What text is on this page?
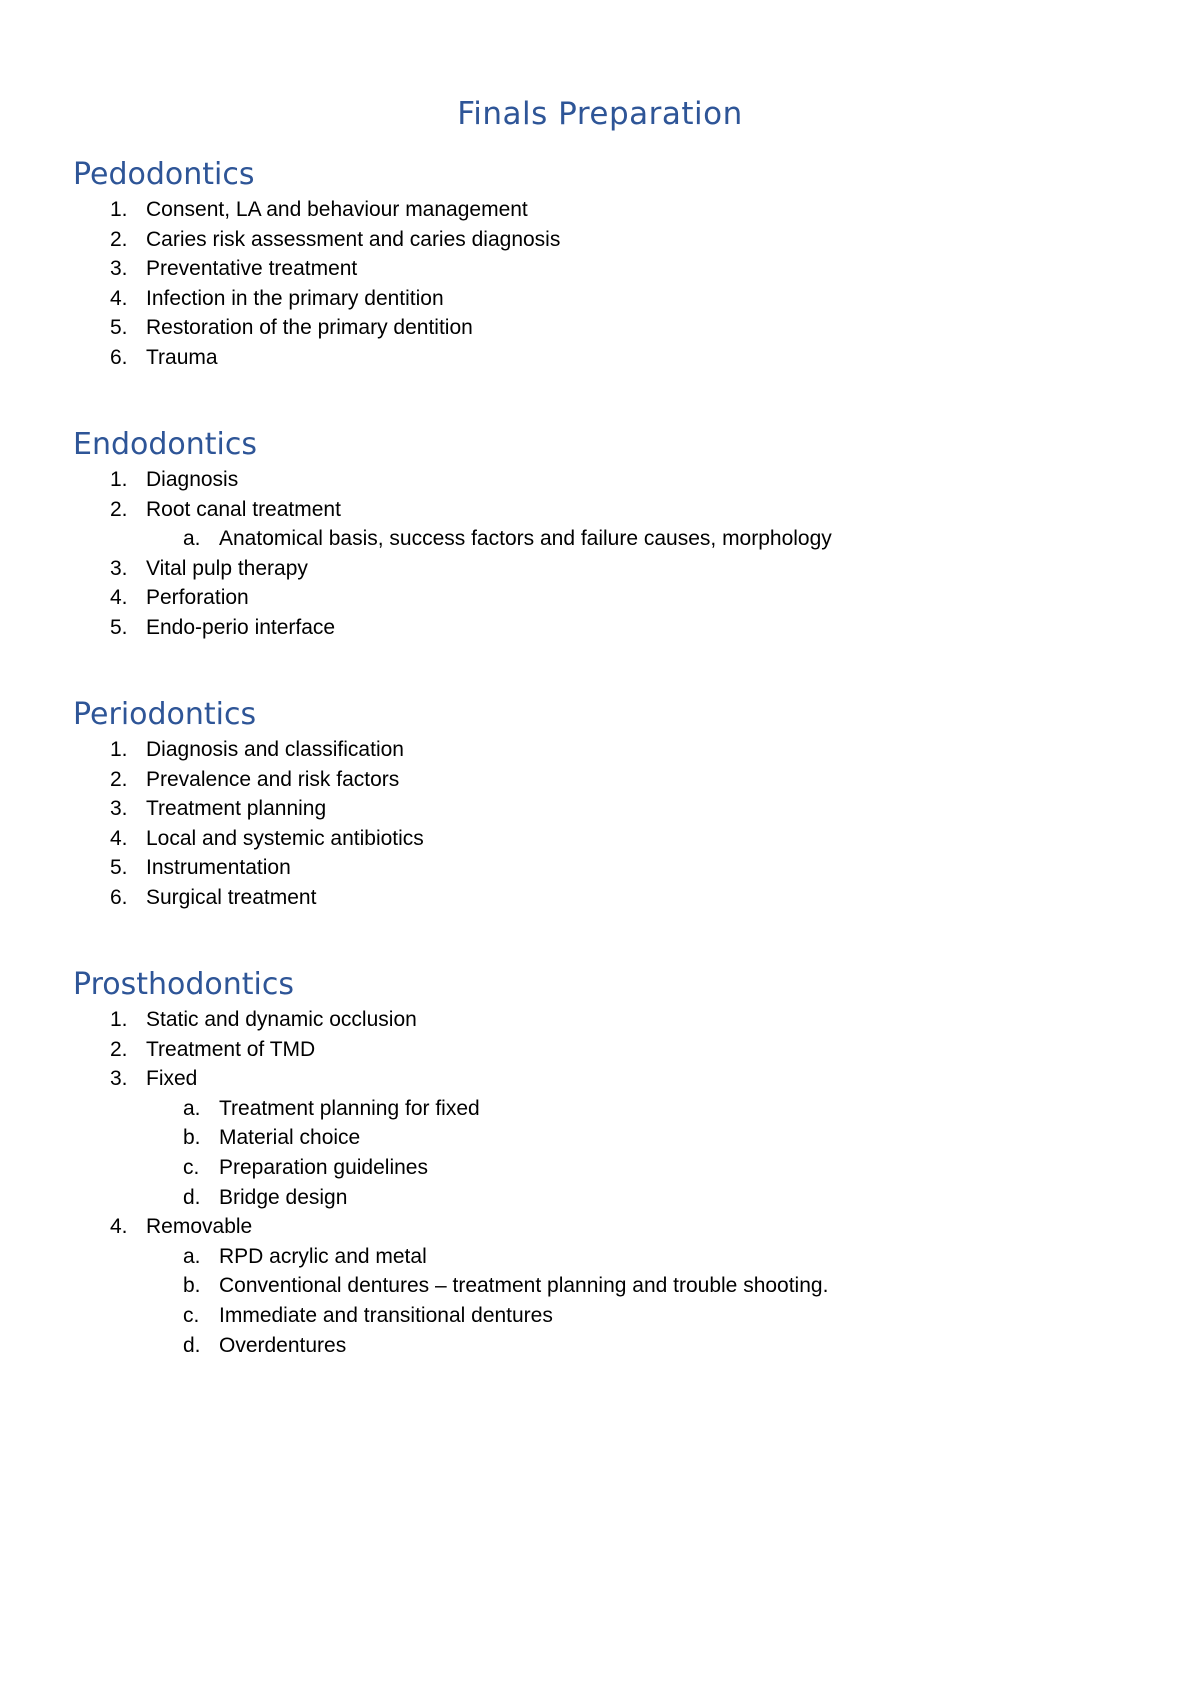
Finals Preparation
Pedodontics
1. Consent, LA and behaviour management
2. Caries risk assessment and caries diagnosis
3. Preventative treatment
4. Infection in the primary dentition
5. Restoration of the primary dentition
6. Trauma
Endodontics
1. Diagnosis
2. Root canal treatment
a. Anatomical basis, success factors and failure causes, morphology
3. Vital pulp therapy
4. Perforation
5. Endo-perio interface
Periodontics
1. Diagnosis and classification
2. Prevalence and risk factors
3. Treatment planning
4. Local and systemic antibiotics
5. Instrumentation
6. Surgical treatment
Prosthodontics
1. Static and dynamic occlusion
2. Treatment of TMD
3. Fixed
a. Treatment planning for fixed
b. Material choice
c. Preparation guidelines
d. Bridge design
4. Removable
a. RPD acrylic and metal
b. Conventional dentures – treatment planning and trouble shooting.
c. Immediate and transitional dentures
d. Overdentures
